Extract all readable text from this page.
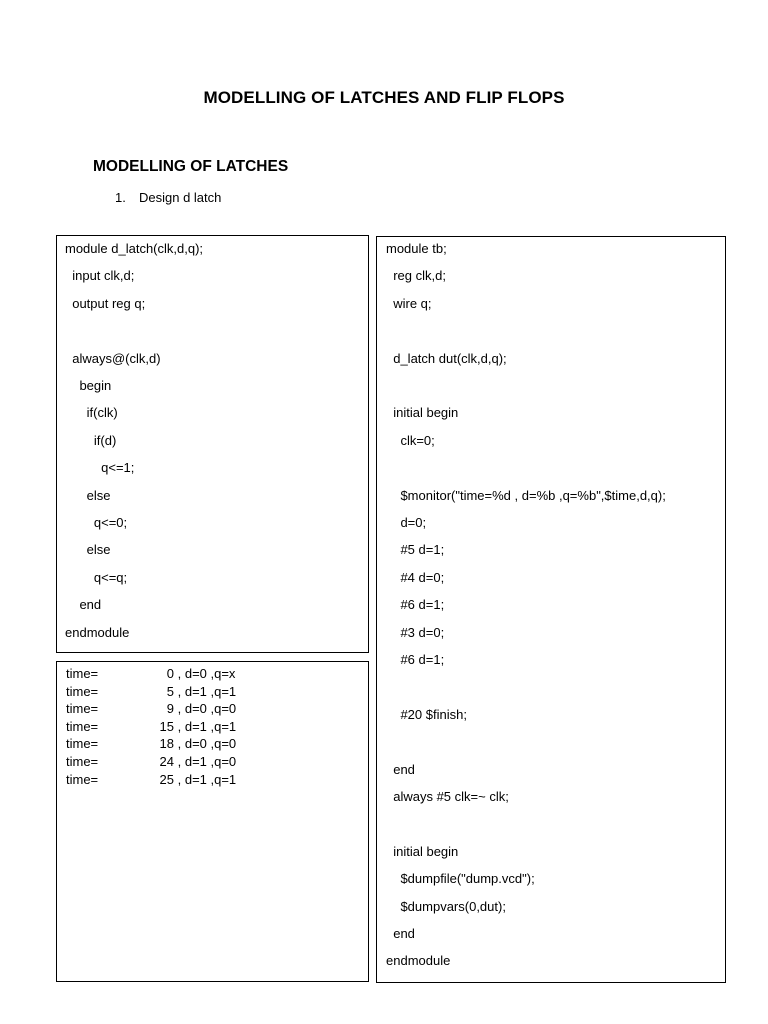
MODELLING OF LATCHES AND FLIP FLOPS
MODELLING OF LATCHES

1. Design d latch

module d_latch(clk,d,q);
input clk,d;
output reg q;
always@(clk,d)
begin
if(clk)
if(d)
q<=1;
else
q<=0;
else
q<=q;
end
endmodule
time=	0 , d=0 ,q=x
time=	5 , d=1 ,q=1
time=	9 , d=0 ,q=0
time=	15 , d=1 ,q=1
time=	18 , d=0 ,q=0
time=	24 , d=1 ,q=0
time=	25 , d=1 ,q=1
module tb;
reg clk,d;
wire q;
d_latch dut(clk,d,q);
initial begin
clk=0;
$monitor("time=%d , d=%b ,q=%b",$time,d,q);
d=0;
#5 d=1;
#4 d=0;
#6 d=1;
#3 d=0;
#6 d=1;
#20 $finish;
end
always #5 clk=~ clk;
initial begin
$dumpfile("dump.vcd");
$dumpvars(0,dut);
end
endmodule
